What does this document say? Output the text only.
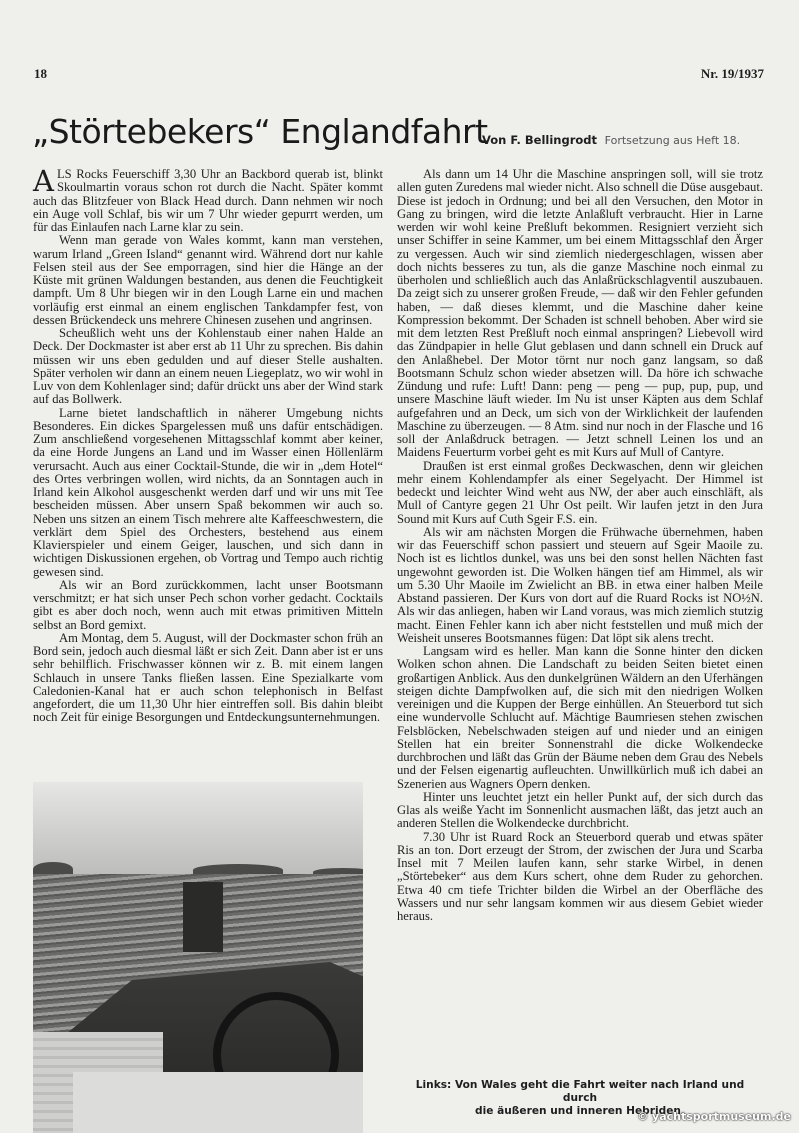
18	Nr. 19/1937
„Störtebekers“ Englandfahrt
Von F. Bellingrodt Fortsetzung aus Heft 18.

ALS Rocks Feuerschiff 3,30 Uhr an Backbord querab ist, blinkt Skoulmartin voraus schon rot durch die Nacht. Später kommt auch das Blitzfeuer von Black Head durch. Dann nehmen wir noch ein Auge voll Schlaf, bis wir um 7 Uhr wieder gepurrt werden, um für das Einlaufen nach Larne klar zu sein.

Wenn man gerade von Wales kommt, kann man verstehen, warum Irland „Green Island“ genannt wird. Während dort nur kahle Felsen steil aus der See emporragen, sind hier die Hänge an der Küste mit grünen Waldungen bestanden, aus denen die Feuchtigkeit dampft. Um 8 Uhr biegen wir in den Lough Larne ein und machen vorläufig erst einmal an einem englischen Tankdampfer fest, von dessen Brückendeck uns mehrere Chinesen zusehen und angrinsen.

Scheußlich weht uns der Kohlenstaub einer nahen Halde an Deck. Der Dockmaster ist aber erst ab 11 Uhr zu sprechen. Bis dahin müssen wir uns eben gedulden und auf dieser Stelle aushalten. Später verholen wir dann an einem neuen Liegeplatz, wo wir wohl in Luv von dem Kohlenlager sind; dafür drückt uns aber der Wind stark auf das Bollwerk.

Larne bietet landschaftlich in näherer Umgebung nichts Besonderes. Ein dickes Spargelessen muß uns dafür entschädigen. Zum anschließend vorgesehenen Mittagsschlaf kommt aber keiner, da eine Horde Jungens an Land und im Wasser einen Höllenlärm verursacht. Auch aus einer Cocktail-Stunde, die wir in „dem Hotel“ des Ortes verbringen wollen, wird nichts, da an Sonntagen auch in Irland kein Alkohol ausgeschenkt werden darf und wir uns mit Tee bescheiden müssen. Aber unsern Spaß bekommen wir auch so. Neben uns sitzen an einem Tisch mehrere alte Kaffeeschwestern, die verklärt dem Spiel des Orchesters, bestehend aus einem Klavierspieler und einem Geiger, lauschen, und sich dann in wichtigen Diskussionen ergehen, ob Vortrag und Tempo auch richtig gewesen sind.

Als wir an Bord zurückkommen, lacht unser Bootsmann verschmitzt; er hat sich unser Pech schon vorher gedacht. Cocktails gibt es aber doch noch, wenn auch mit etwas primitiven Mitteln selbst an Bord gemixt.

Am Montag, dem 5. August, will der Dockmaster schon früh an Bord sein, jedoch auch diesmal läßt er sich Zeit. Dann aber ist er uns sehr behilflich. Frischwasser können wir z. B. mit einem langen Schlauch in unsere Tanks fließen lassen. Eine Spezialkarte vom Caledonien-Kanal hat er auch schon telephonisch in Belfast angefordert, die um 11,30 Uhr hier eintreffen soll. Bis dahin bleibt noch Zeit für einige Besorgungen und Entdeckungsunternehmungen.

Als dann um 14 Uhr die Maschine anspringen soll, will sie trotz allen guten Zuredens mal wieder nicht. Also schnell die Düse ausgebaut. Diese ist jedoch in Ordnung; und bei all den Versuchen, den Motor in Gang zu bringen, wird die letzte Anlaßluft verbraucht. Hier in Larne werden wir wohl keine Preßluft bekommen. Resigniert verzieht sich unser Schiffer in seine Kammer, um bei einem Mittagsschlaf den Ärger zu vergessen. Auch wir sind ziemlich niedergeschlagen, wissen aber doch nichts besseres zu tun, als die ganze Maschine noch einmal zu überholen und schließlich auch das Anlaßrückschlagventil auszubauen. Da zeigt sich zu unserer großen Freude, — daß wir den Fehler gefunden haben, — daß dieses klemmt, und die Maschine daher keine Kompression bekommt. Der Schaden ist schnell behoben. Aber wird sie mit dem letzten Rest Preßluft noch einmal anspringen? Liebevoll wird das Zündpapier in helle Glut geblasen und dann schnell ein Druck auf den Anlaßhebel. Der Motor törnt nur noch ganz langsam, so daß Bootsmann Schulz schon wieder absetzen will. Da höre ich schwache Zündung und rufe: Luft! Dann: peng — peng — pup, pup, pup, und unsere Maschine läuft wieder. Im Nu ist unser Käpten aus dem Schlaf aufgefahren und an Deck, um sich von der Wirklichkeit der laufenden Maschine zu überzeugen. — 8 Atm. sind nur noch in der Flasche und 16 soll der Anlaßdruck betragen. — Jetzt schnell Leinen los und an Maidens Feuerturm vorbei geht es mit Kurs auf Mull of Cantyre.

Draußen ist erst einmal großes Deckwaschen, denn wir gleichen mehr einem Kohlendampfer als einer Segelyacht. Der Himmel ist bedeckt und leichter Wind weht aus NW, der aber auch einschläft, als Mull of Cantyre gegen 21 Uhr Ost peilt. Wir laufen jetzt in den Jura Sound mit Kurs auf Cuth Sgeir F.S. ein.

Als wir am nächsten Morgen die Frühwache übernehmen, haben wir das Feuerschiff schon passiert und steuern auf Sgeir Maoile zu. Noch ist es lichtlos dunkel, was uns bei den sonst hellen Nächten fast ungewohnt geworden ist. Die Wolken hängen tief am Himmel, als wir um 5.30 Uhr Maoile im Zwielicht an BB. in etwa einer halben Meile Abstand passieren. Der Kurs von dort auf die Ruard Rocks ist NO½N. Als wir das anliegen, haben wir Land voraus, was mich ziemlich stutzig macht. Einen Fehler kann ich aber nicht feststellen und muß mich der Weisheit unseres Bootsmannes fügen: Dat löpt sik alens trecht.

Langsam wird es heller. Man kann die Sonne hinter den dicken Wolken schon ahnen. Die Landschaft zu beiden Seiten bietet einen großartigen Anblick. Aus den dunkelgrünen Wäldern an den Uferhängen steigen dichte Dampfwolken auf, die sich mit den niedrigen Wolken vereinigen und die Kuppen der Berge einhüllen. An Steuerbord tut sich eine wundervolle Schlucht auf. Mächtige Baumriesen stehen zwischen Felsblöcken, Nebelschwaden steigen auf und nieder und an einigen Stellen hat ein breiter Sonnenstrahl die dicke Wolkendecke durchbrochen und läßt das Grün der Bäume neben dem Grau des Nebels und der Felsen eigenartig aufleuchten. Unwillkürlich muß ich dabei an Szenerien aus Wagners Opern denken.

Hinter uns leuchtet jetzt ein heller Punkt auf, der sich durch das Glas als weiße Yacht im Sonnenlicht ausmachen läßt, das jetzt auch an anderen Stellen die Wolkendecke durchbricht.

7.30 Uhr ist Ruard Rock an Steuerbord querab und etwas später Ris an ton. Dort erzeugt der Strom, der zwischen der Jura und Scarba Insel mit 7 Meilen laufen kann, sehr starke Wirbel, in denen „Störtebeker“ aus dem Kurs schert, ohne dem Ruder zu gehorchen. Etwa 40 cm tiefe Trichter bilden die Wirbel an der Oberfläche des Wassers und nur sehr langsam kommen wir aus diesem Gebiet wieder heraus.

Links: Von Wales geht die Fahrt weiter nach Irland und durch
die äußeren und inneren Hebriden.
© yachtsportmuseum.de
